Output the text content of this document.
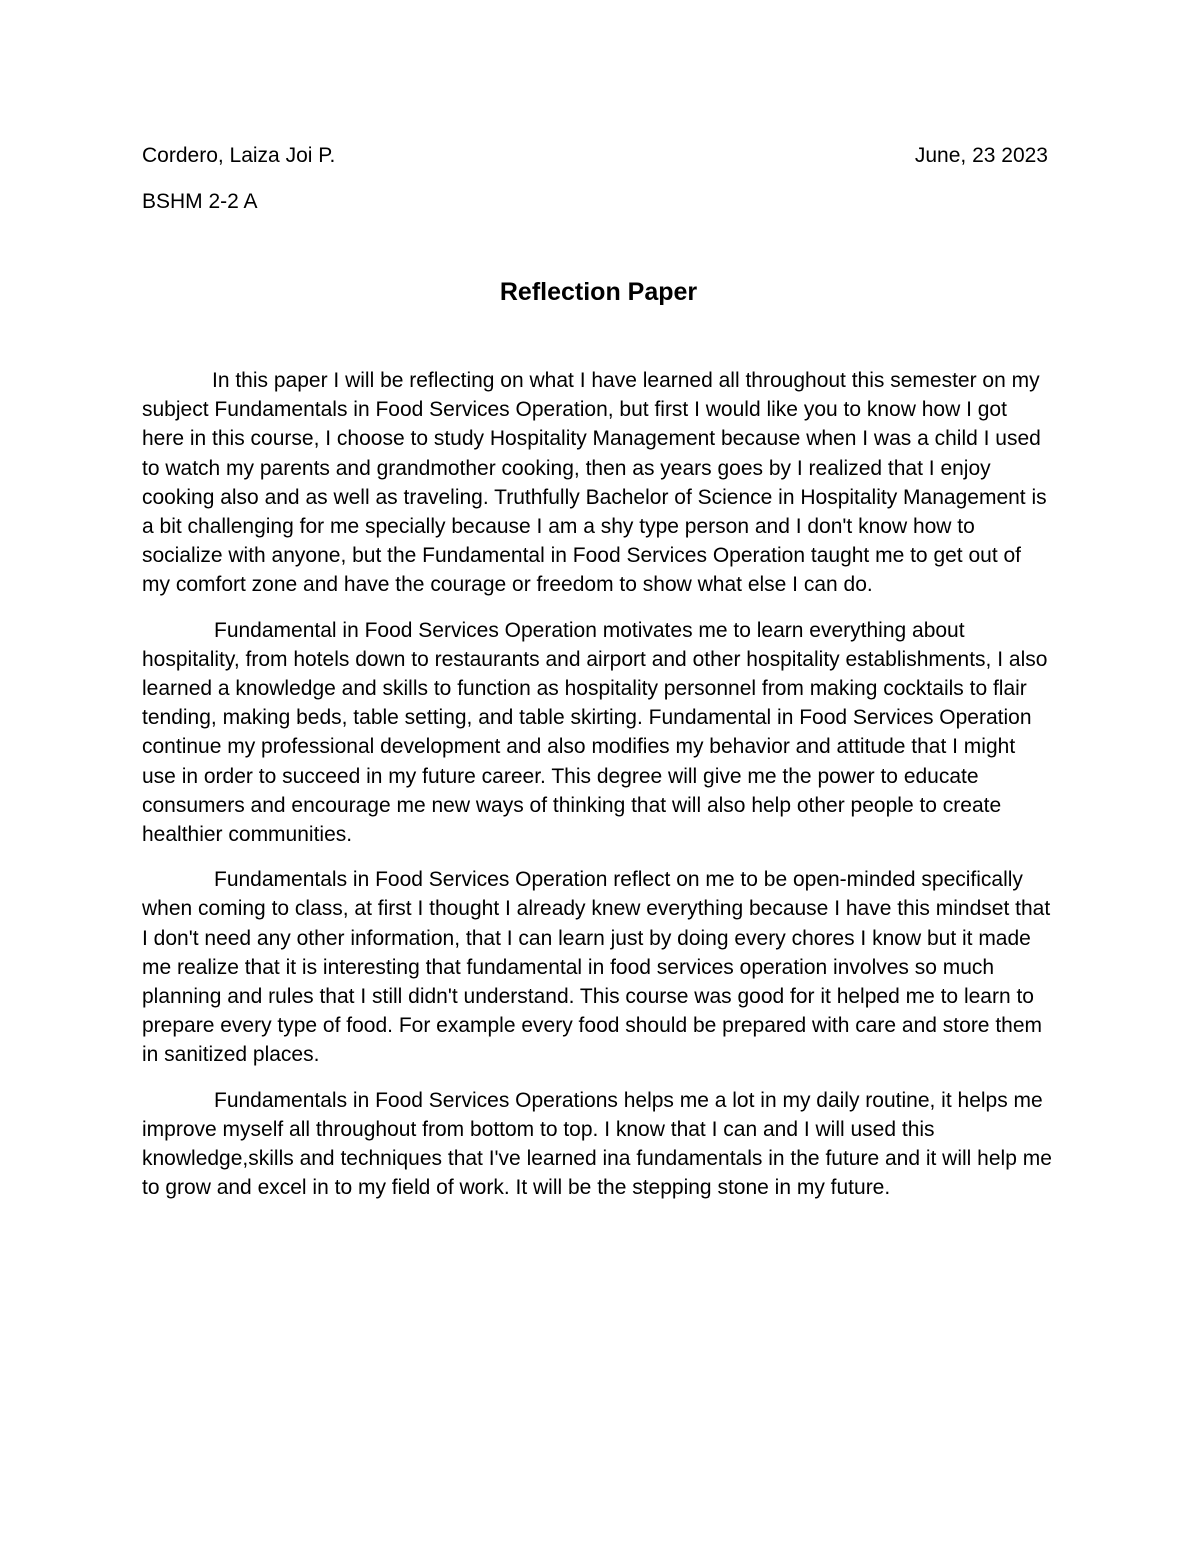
Cordero, Laiza Joi P.	June, 23 2023
BSHM 2-2 A
Reflection Paper

In this paper I will be reflecting on what I have learned all throughout this semester on my subject Fundamentals in Food Services Operation, but first I would like you to know how I got here in this course, I choose to study Hospitality Management because when I was a child I used to watch my parents and grandmother cooking, then as years goes by I realized that I enjoy cooking also and as well as traveling. Truthfully Bachelor of Science in Hospitality Management is a bit challenging for me specially because I am a shy type person and I don't know how to socialize with anyone, but the Fundamental in Food Services Operation taught me to get out of my comfort zone and have the courage or freedom to show what else I can do.

Fundamental in Food Services Operation motivates me to learn everything about hospitality, from hotels down to restaurants and airport and other hospitality establishments, I also learned a knowledge and skills to function as hospitality personnel from making cocktails to flair tending, making beds, table setting, and table skirting. Fundamental in Food Services Operation continue my professional development and also modifies my behavior and attitude that I might use in order to succeed in my future career. This degree will give me the power to educate consumers and encourage me new ways of thinking that will also help other people to create healthier communities.

Fundamentals in Food Services Operation reflect on me to be open-minded specifically when coming to class, at first I thought I already knew everything because I have this mindset that I don't need any other information, that I can learn just by doing every chores I know but it made me realize that it is interesting that fundamental in food services operation involves so much planning and rules that I still didn't understand. This course was good for it helped me to learn to prepare every type of food. For example every food should be prepared with care and store them in sanitized places.

Fundamentals in Food Services Operations helps me a lot in my daily routine, it helps me improve myself all throughout from bottom to top. I know that I can and I will used this knowledge,skills and techniques that I've learned ina fundamentals in the future and it will help me to grow and excel in to my field of work. It will be the stepping stone in my future.
